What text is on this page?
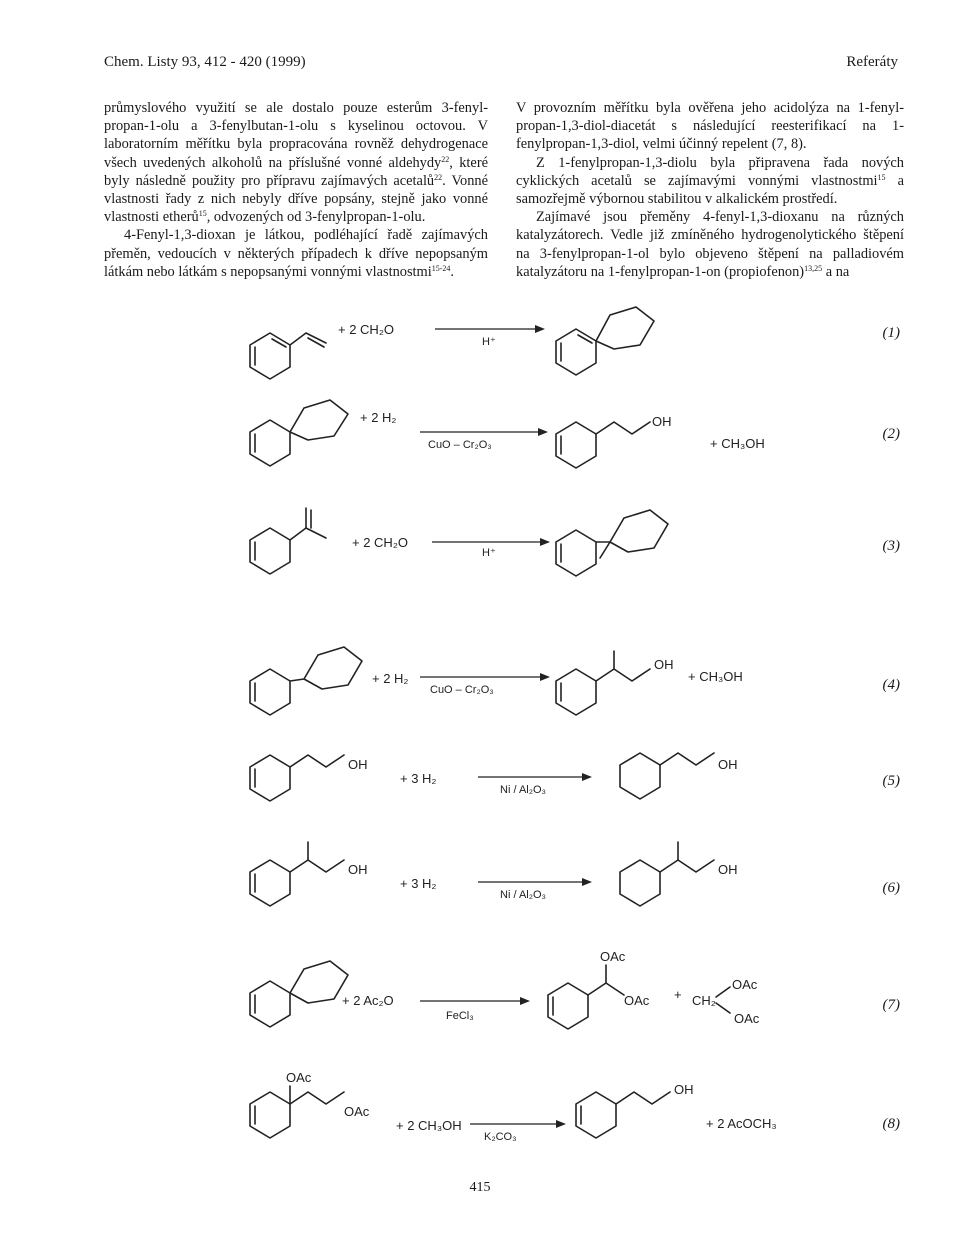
Chem. Listy 93, 412 - 420 (1999)	Referáty

průmyslového využití se ale dostalo pouze esterům 3-fenyl-propan-1-olu a 3-fenylbutan-1-olu s kyselinou octovou. V laboratorním měřítku byla propracována rovněž dehydrogenace všech uvedených alkoholů na příslušné vonné aldehydy$^{22}$, které byly následně použity pro přípravu zajímavých acetalů$^{22}$. Vonné vlastnosti řady z nich nebyly dříve popsány, stejně jako vonné vlastnosti etherů$^{15}$, odvozených od 3-fenylpropan-1-olu.

4-Fenyl-1,3-dioxan je látkou, podléhající řadě zajímavých přeměn, vedoucích v některých případech k dříve nepopsaným látkám nebo látkám s nepopsanými vonnými vlastnostmi$^{15-24}$.

V provozním měřítku byla ověřena jeho acidolýza na 1-fenyl-propan-1,3-diol-diacetát s následující reesterifikací na 1-fenylpropan-1,3-diol, velmi účinný repelent (7, 8).

Z 1-fenylpropan-1,3-diolu byla připravena řada nových cyklických acetalů se zajímavými vonnými vlastnostmi$^{15}$ a samozřejmě výbornou stabilitou v alkalickém prostředí.

Zajímavé jsou přeměny 4-fenyl-1,3-dioxanu na různých katalyzátorech. Vedle již zmíněného hydrogenolytického štěpení na 3-fenylpropan-1-ol bylo objeveno štěpení na palladiovém katalyzátoru na 1-fenylpropan-1-on (propiofenon)$^{13,25}$ a na

+ 2 CH₂O
H⁺
(1)
+ 2 H₂
CuO – Cr₂O₃
OH
+ CH₃OH
(2)
+ 2 CH₂O
H⁺	(3)
+ 2 H₂
CuO – Cr₂O₃
OH
+ CH₃OH
(4)
OH
+ 3 H₂
Ni / Al₂O₃
OH
(5)
OH
+ 3 H₂
Ni / Al₂O₃
OH
(6)
+ 2 Ac₂O
FeCl₃
OAc
OAc + CH₂
OAc
OAc
(7)
OAc
OAc
+ 2 CH₃OH
K₂CO₃
OH
+ 2 AcOCH₃	(8)
415
